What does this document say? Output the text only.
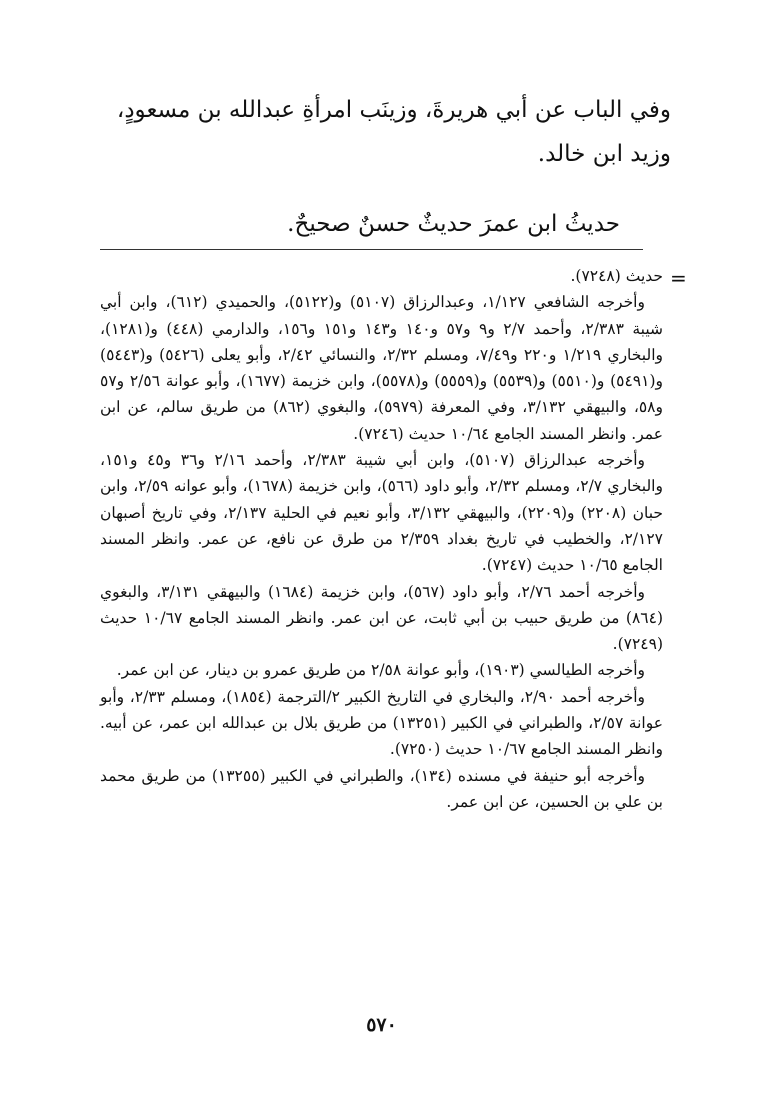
وفي الباب عن أبي هريرةَ، وزينَب امرأةِ عبدالله بن مسعودٍ، وزيد ابن خالد.

حديثُ ابن عمرَ حديثٌ حسنٌ صحيحٌ.

=

حديث (٧٢٤٨).

وأخرجه الشافعي ١/١٢٧، وعبدالرزاق (٥١٠٧) و(٥١٢٢)، والحميدي (٦١٢)، وابن أبي شيبة ٢/٣٨٣، وأحمد ٢/٧ و٩ و٥٧ و١٤٠ و١٤٣ و١٥١ و١٥٦، والدارمي (٤٤٨) و(١٢٨١)، والبخاري ١/٢١٩ و٢٢٠ و٧/٤٩، ومسلم ٢/٣٢، والنسائي ٢/٤٢، وأبو يعلى (٥٤٢٦) و(٥٤٤٣) و(٥٤٩١) و(٥٥١٠) و(٥٥٣٩) و(٥٥٥٩) و(٥٥٧٨)، وابن خزيمة (١٦٧٧)، وأبو عوانة ٢/٥٦ و٥٧ و٥٨، والبيهقي ٣/١٣٢، وفي المعرفة (٥٩٧٩)، والبغوي (٨٦٢) من طريق سالم، عن ابن عمر. وانظر المسند الجامع ١٠/٦٤ حديث (٧٢٤٦).

وأخرجه عبدالرزاق (٥١٠٧)، وابن أبي شيبة ٢/٣٨٣، وأحمد ٢/١٦ و٣٦ و٤٥ و١٥١، والبخاري ٢/٧، ومسلم ٢/٣٢، وأبو داود (٥٦٦)، وابن خزيمة (١٦٧٨)، وأبو عوانه ٢/٥٩، وابن حبان (٢٢٠٨) و(٢٢٠٩)، والبيهقي ٣/١٣٢، وأبو نعيم في الحلية ٢/١٣٧، وفي تاريخ أصبهان ٢/١٢٧، والخطيب في تاريخ بغداد ٢/٣٥٩ من طرق عن نافع، عن عمر. وانظر المسند الجامع ١٠/٦٥ حديث (٧٢٤٧).

وأخرجه أحمد ٢/٧٦، وأبو داود (٥٦٧)، وابن خزيمة (١٦٨٤) والبيهقي ٣/١٣١، والبغوي (٨٦٤) من طريق حبيب بن أبي ثابت، عن ابن عمر. وانظر المسند الجامع ١٠/٦٧ حديث (٧٢٤٩).

وأخرجه الطيالسي (١٩٠٣)، وأبو عوانة ٢/٥٨ من طريق عمرو بن دينار، عن ابن عمر.

وأخرجه أحمد ٢/٩٠، والبخاري في التاريخ الكبير ٢/الترجمة (١٨٥٤)، ومسلم ٢/٣٣، وأبو عوانة ٢/٥٧، والطبراني في الكبير (١٣٢٥١) من طريق بلال بن عبدالله ابن عمر، عن أبيه. وانظر المسند الجامع ١٠/٦٧ حديث (٧٢٥٠).

وأخرجه أبو حنيفة في مسنده (١٣٤)، والطبراني في الكبير (١٣٢٥٥) من طريق محمد بن علي بن الحسين، عن ابن عمر.

٥٧٠
